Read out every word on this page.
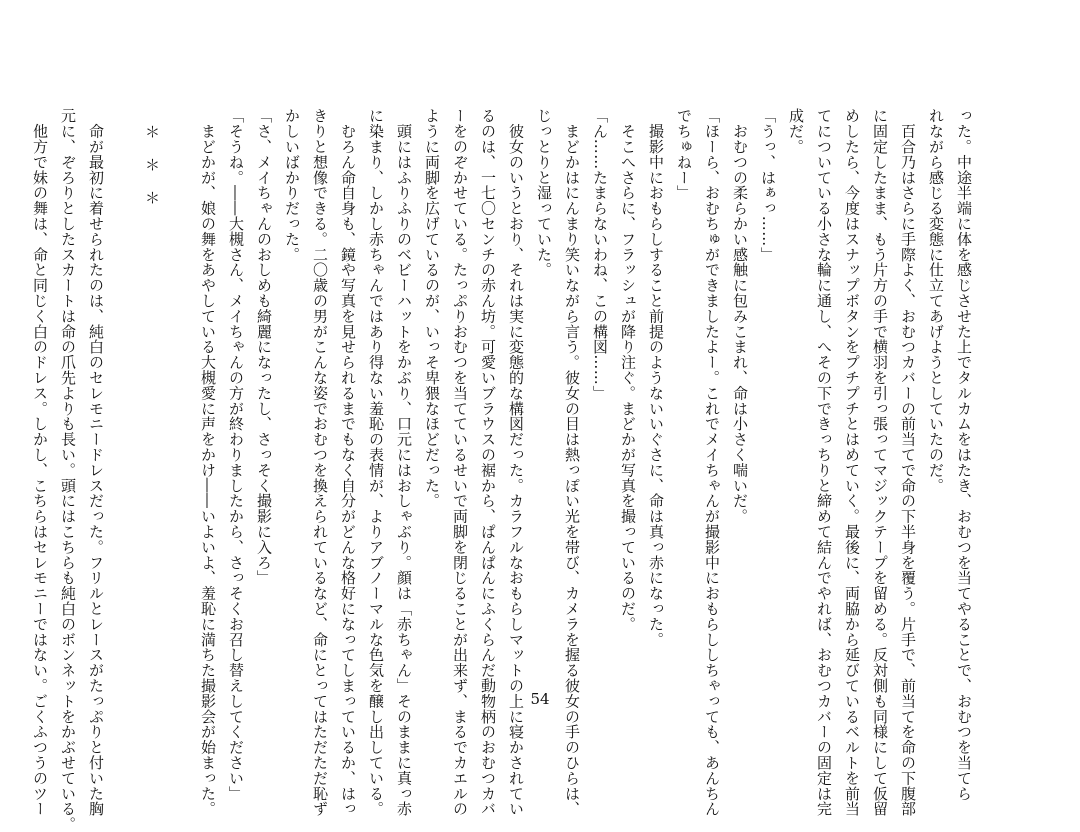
った。中途半端に体を感じさせた上でタルカムをはたき、おむつを当てやることで、おむつを当てら
れながら感じる変態に仕立てあげようとしていたのだ。
　百合乃はさらに手際よく、おむつカバーの前当てで命の下半身を覆う。片手で、前当てを命の下腹部
に固定したまま、もう片方の手で横羽を引っ張ってマジックテープを留める。反対側も同様にして仮留
めしたら、今度はスナップボタンをプチプチとはめていく。最後に、両脇から延びているベルトを前当
てについている小さな輪に通し、へその下できっちりと締めて結んでやれば、おむつカバーの固定は完
成だ。
「うっ、はぁっ……」
　おむつの柔らかい感触に包みこまれ、命は小さく喘いだ。
「ほーら、おむちゅができましたよー。これでメイちゃんが撮影中におもらししちゃっても、あんちん
でちゅねー」
　撮影中におもらしすること前提のようないいぐさに、命は真っ赤になった。
　そこへさらに、フラッシュが降り注ぐ。まどかが写真を撮っているのだ。
「ん……たまらないわね、この構図……」
　まどかはにんまり笑いながら言う。彼女の目は熱っぽい光を帯び、カメラを握る彼女の手のひらは、
じっとりと湿っていた。
　彼女のいうとおり、それは実に変態的な構図だった。カラフルなおもらしマットの上に寝かされてい
るのは、一七〇センチの赤ん坊。可愛いブラウスの裾から、ぱんぱんにふくらんだ動物柄のおむつカバ
ーをのぞかせている。たっぷりおむつを当てているせいで両脚を閉じることが出来ず、まるでカエルの
ように両脚を広げているのが、いっそ卑猥なほどだった。
　頭にはふりふりのベビーハットをかぶり、口元にはおしゃぶり。顔は「赤ちゃん」そのままに真っ赤
に染まり、しかし赤ちゃんではあり得ない羞恥の表情が、よりアブノーマルな色気を醸し出している。
　むろん命自身も、鏡や写真を見せられるまでもなく自分がどんな格好になってしまっているか、はっ
きりと想像できる。二〇歳の男がこんな姿でおむつを換えられているなど、命にとってはただただ恥ず
かしいばかりだった。
「さ、メイちゃんのおしめも綺麗になったし、さっそく撮影に入ろ」
「そうね。――大槻さん、メイちゃんの方が終わりましたから、さっそくお召し替えしてください」
　まどかが、娘の舞をあやしている大槻愛に声をかけ――いよいよ、羞恥に満ちた撮影会が始まった。
＊＊＊
　命が最初に着せられたのは、純白のセレモニードレスだった。フリルとレースがたっぷりと付いた胸
元に、ぞろりとしたスカートは命の爪先よりも長い。頭にはこちらも純白のボンネットをかぶせている。
　他方で妹の舞は、命と同じく白のドレス。しかし、こちらはセレモニーではない。ごくふつうのツー	54
